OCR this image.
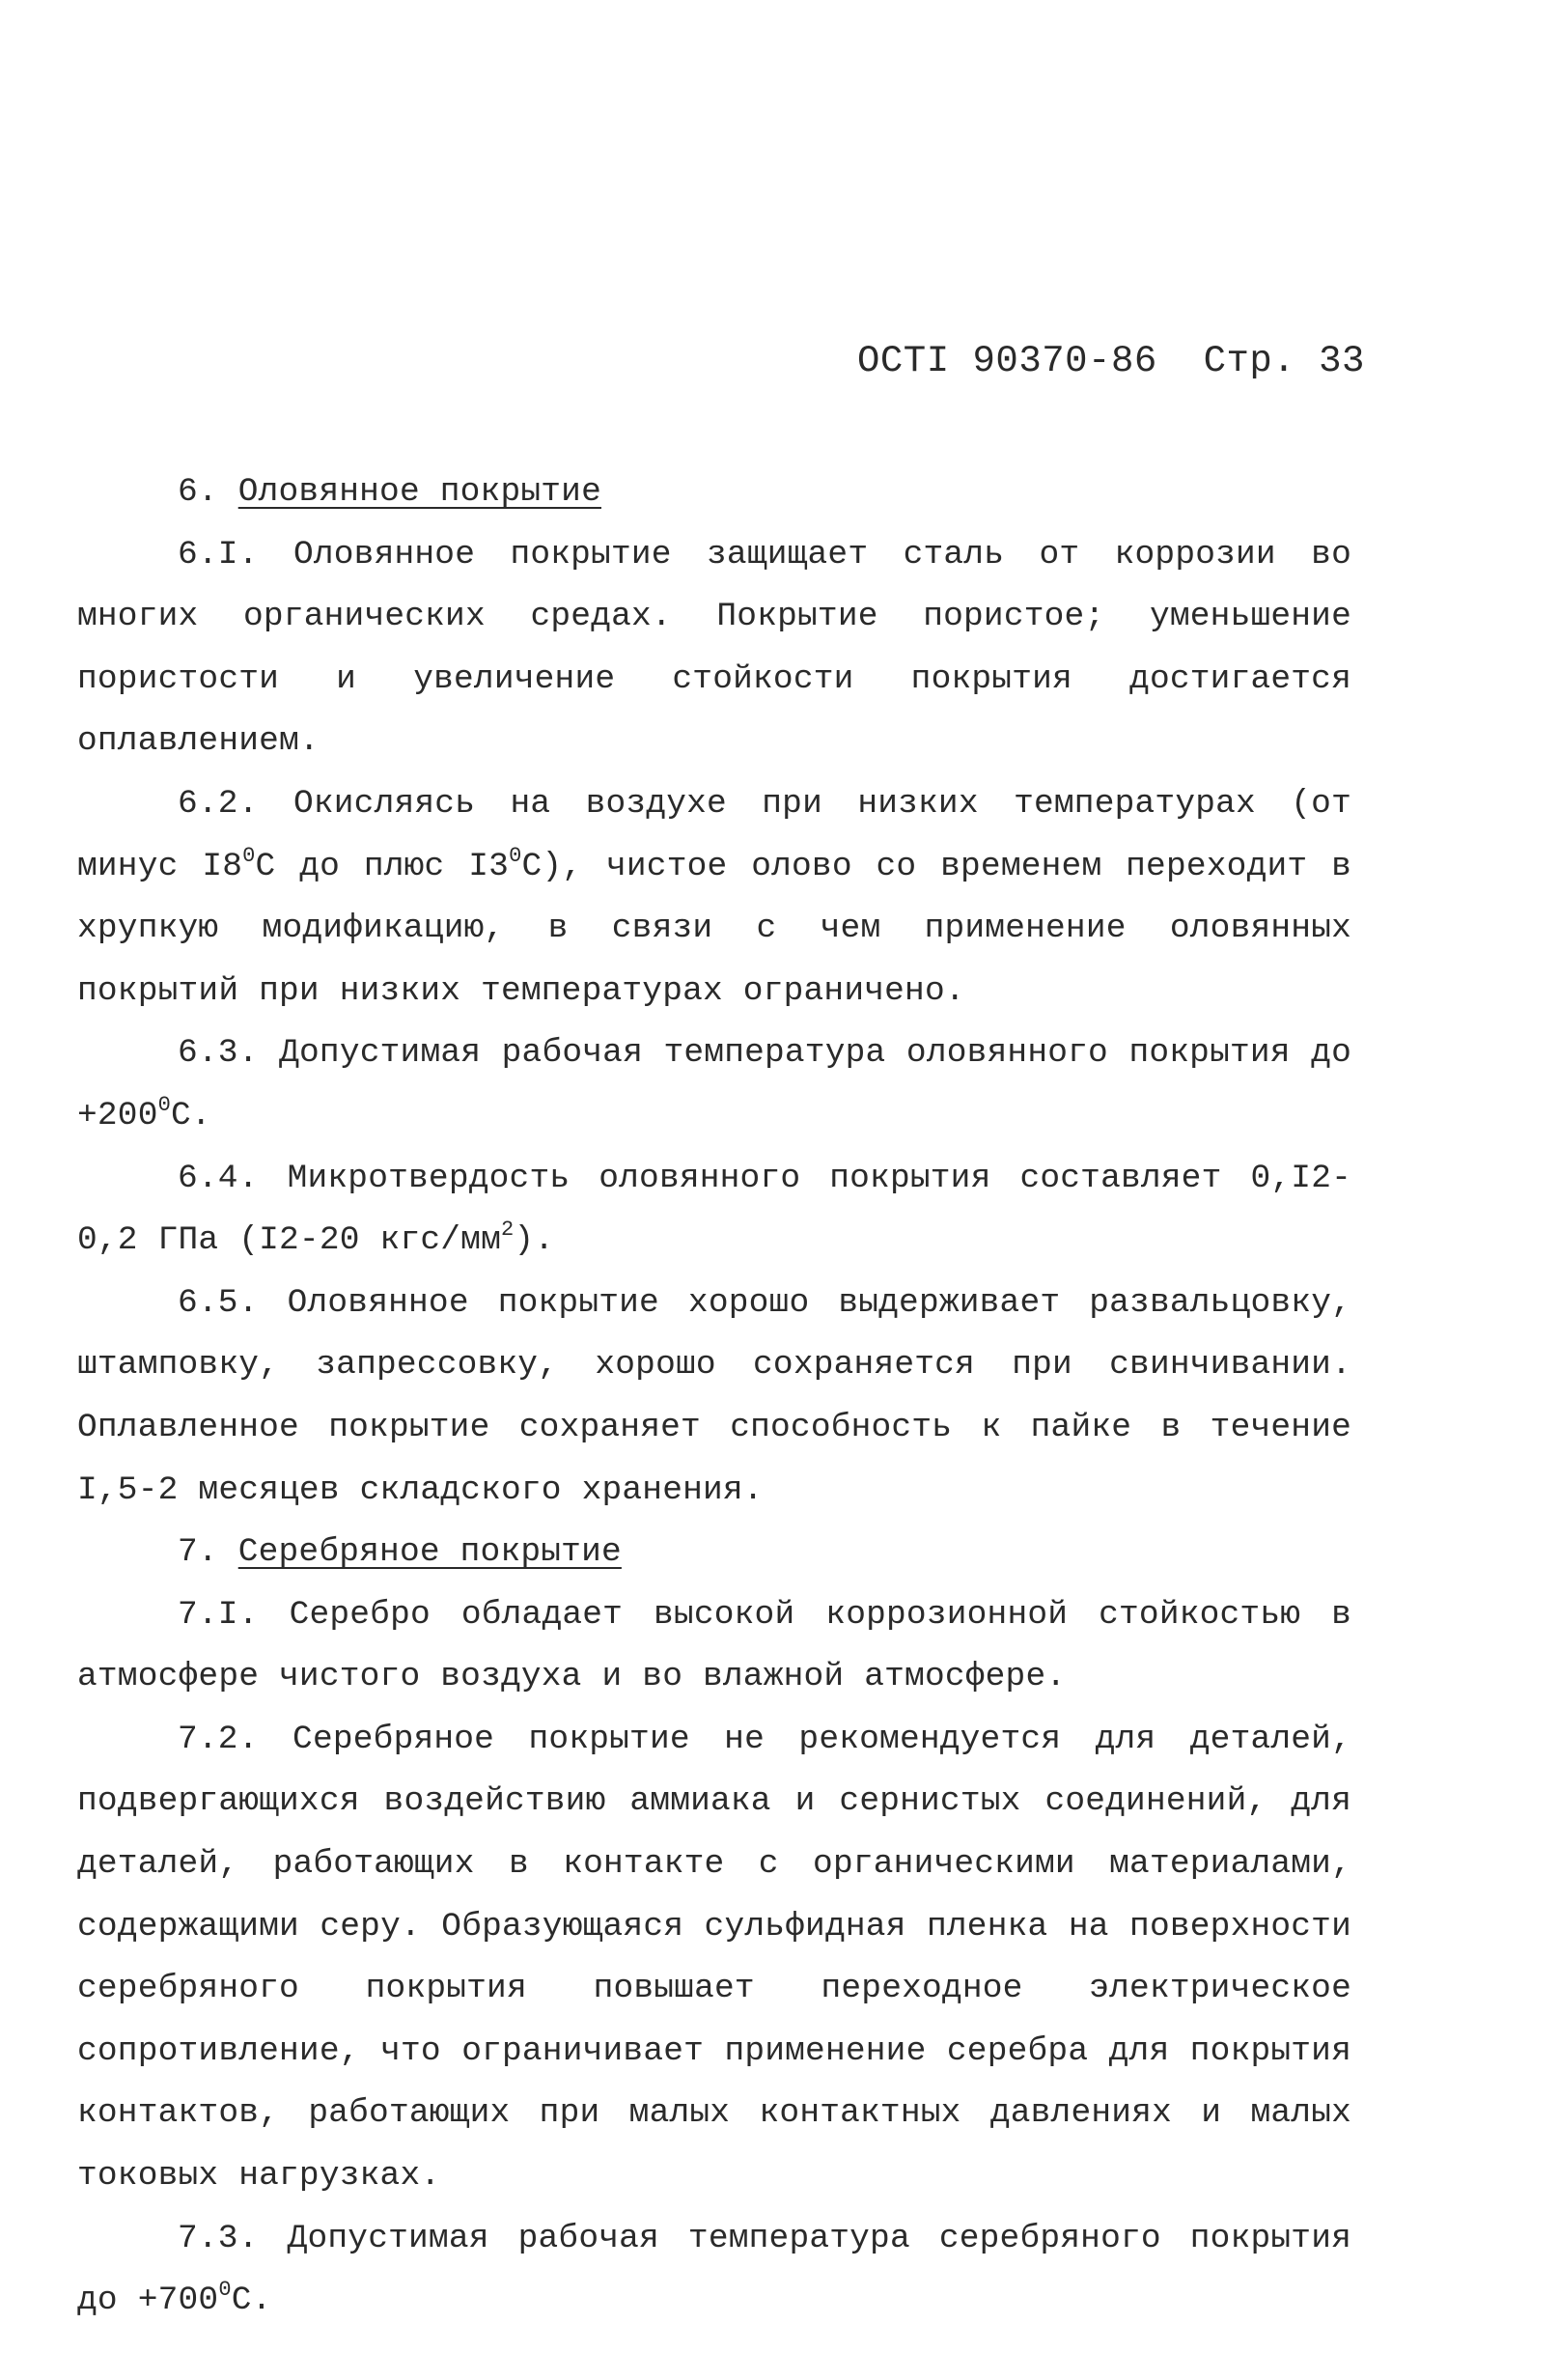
ОСТI 90370-86 Стр. 33

6. Оловянное покрытие

6.I. Оловянное покрытие защищает сталь от коррозии во многих органических средах. Покрытие пористое; уменьшение пористости и увеличение стойкости покрытия достигается оплавлением.

6.2. Окисляясь на воздухе при низких температурах (от минус $I8^0С$ до плюс $I3^0С$), чистое олово со временем переходит в хрупкую модификацию, в связи с чем применение оловянных покрытий при низких температурах ограничено.

6.3. Допустимая рабочая температура оловянного покрытия до $+200^0С$.

6.4. Микротвердость оловянного покрытия составляет 0,I2-0,2 ГПа (I2-20 кгс/$мм^2$).

6.5. Оловянное покрытие хорошо выдерживает развальцовку, штамповку, запрессовку, хорошо сохраняется при свинчивании. Оплавленное покрытие сохраняет способность к пайке в течение I,5-2 месяцев складского хранения.

7. Серебряное покрытие

7.I. Серебро обладает высокой коррозионной стойкостью в атмосфере чистого воздуха и во влажной атмосфере.

7.2. Серебряное покрытие не рекомендуется для деталей, подвергающихся воздействию аммиака и сернистых соединений, для деталей, работающих в контакте с органическими материалами, содержащими серу. Образующаяся сульфидная пленка на поверхности серебряного покрытия повышает переходное электрическое сопротивление, что ограничивает применение серебра для покрытия контактов, работающих при малых контактных давлениях и малых токовых нагрузках.

7.3. Допустимая рабочая температура серебряного покрытия до $+700^0С$.
